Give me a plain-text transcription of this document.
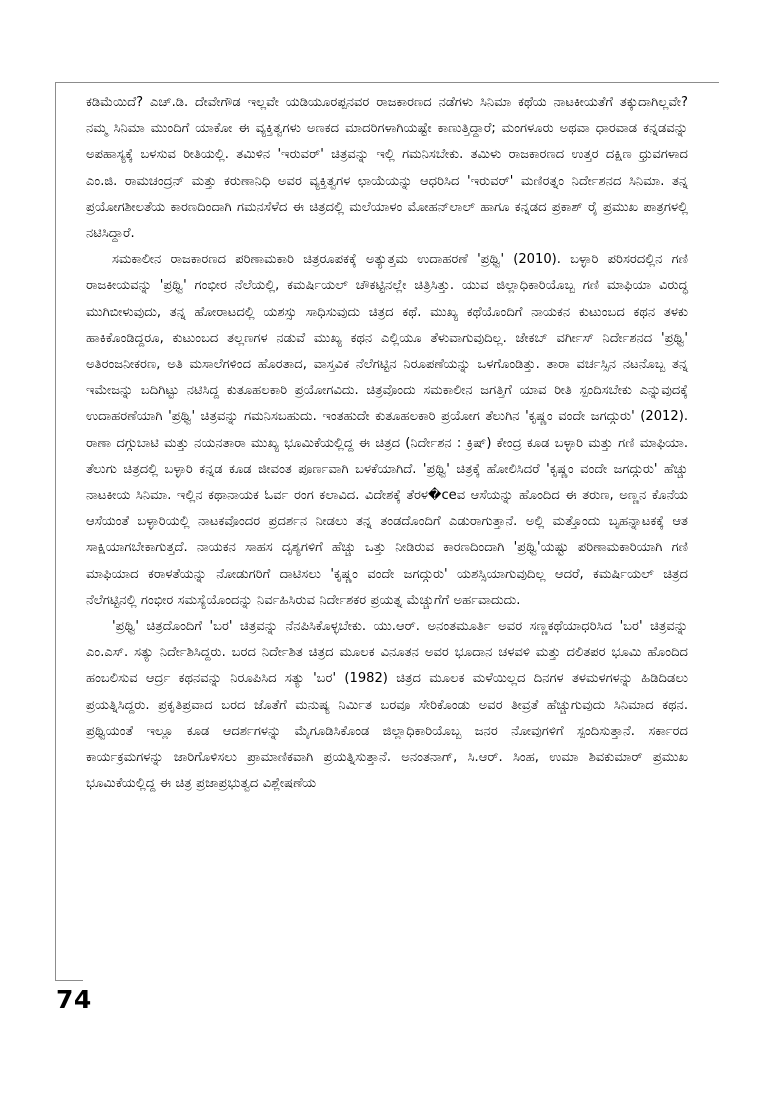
74

ಕಡಿಮೆಯಿದೆ? ಎಚ್.ಡಿ. ದೇವೇಗೌಡ ಇಲ್ಲವೇ ಯಡಿಯೂರಪ್ಪನವರ ರಾಜಕಾರಣದ ನಡೆಗಳು ಸಿನಿಮಾ ಕಥೆಯ ನಾಟಕೀಯತೆಗೆ ತಕ್ಕುದಾಗಿಲ್ಲವೇ? ನಮ್ಮ ಸಿನಿಮಾ ಮುಂದಿಗೆ ಯಾಕೋ ಈ ವ್ಯಕ್ತಿತ್ವಗಳು ಅಣಕದ ಮಾದರಿಗಳಾಗಿಯಷ್ಟೇ ಕಾಣುತ್ತಿದ್ದಾರೆ; ಮಂಗಳೂರು ಅಥವಾ ಧಾರವಾಡ ಕನ್ನಡವನ್ನು ಅಪಹಾಸ್ಯಕ್ಕೆ ಬಳಸುವ ರೀತಿಯಲ್ಲಿ. ತಮಿಳಿನ 'ಇರುವರ್' ಚಿತ್ರವನ್ನು ಇಲ್ಲಿ ಗಮನಿಸಬೇಕು. ತಮಿಳು ರಾಜಕಾರಣದ ಉತ್ತರ ದಕ್ಷಿಣ ಧ್ರುವಗಳಾದ ಎಂ.ಜಿ. ರಾಮಚಂದ್ರನ್ ಮತ್ತು ಕರುಣಾನಿಧಿ ಅವರ ವ್ಯಕ್ತಿತ್ವಗಳ ಛಾಯೆಯನ್ನು ಆಧರಿಸಿದ 'ಇರುವರ್' ಮಣಿರತ್ನಂ ನಿರ್ದೇಶನದ ಸಿನಿಮಾ. ತನ್ನ ಪ್ರಯೋಗಶೀಲತೆಯ ಕಾರಣದಿಂದಾಗಿ ಗಮನಸೆಳೆದ ಈ ಚಿತ್ರದಲ್ಲಿ ಮಲೆಯಾಳಂ ಮೋಹನ್‌ಲಾಲ್ ಹಾಗೂ ಕನ್ನಡದ ಪ್ರಕಾಶ್ ರೈ ಪ್ರಮುಖ ಪಾತ್ರಗಳಲ್ಲಿ ನಟಿಸಿದ್ದಾರೆ.

ಸಮಕಾಲೀನ ರಾಜಕಾರಣದ ಪರಿಣಾಮಕಾರಿ ಚಿತ್ರರೂಪಕಕ್ಕೆ ಅತ್ಯುತ್ತಮ ಉದಾಹರಣೆ 'ಪ್ರಥ್ವಿ' (2010). ಬಳ್ಳಾರಿ ಪರಿಸರದಲ್ಲಿನ ಗಣಿ ರಾಜಕೀಯವನ್ನು 'ಪ್ರಥ್ವಿ' ಗಂಭೀರ ನೆಲೆಯಲ್ಲಿ, ಕಮರ್ಷಿಯಲ್ ಚೌಕಟ್ಟಿನಲ್ಲೇ ಚಿತ್ರಿಸಿತ್ತು. ಯುವ ಜಿಲ್ಲಾಧಿಕಾರಿಯೊಬ್ಬ ಗಣಿ ಮಾಫಿಯಾ ವಿರುದ್ಧ ಮುಗಿಬೀಳುವುದು, ತನ್ನ ಹೋರಾಟದಲ್ಲಿ ಯಶಸ್ಸು ಸಾಧಿಸುವುದು ಚಿತ್ರದ ಕಥೆ. ಮುಖ್ಯ ಕಥೆಯೊಂದಿಗೆ ನಾಯಕನ ಕುಟುಂಬದ ಕಥನ ತಳಕು ಹಾಕಿಕೊಂಡಿದ್ದರೂ, ಕುಟುಂಬದ ತಲ್ಲಣಗಳ ನಡುವೆ ಮುಖ್ಯ ಕಥನ ಎಲ್ಲಿಯೂ ತೆಳುವಾಗುವುದಿಲ್ಲ. ಜೇಕಬ್ ವರ್ಗೀಸ್ ನಿರ್ದೇಶನದ 'ಪ್ರಥ್ವಿ' ಅತಿರಂಜನೀಕರಣ, ಅತಿ ಮಸಾಲೆಗಳಿಂದ ಹೊರತಾದ, ವಾಸ್ತವಿಕ ನೆಲೆಗಟ್ಟಿನ ನಿರೂಪಣೆಯನ್ನು ಒಳಗೊಂಡಿತ್ತು. ತಾರಾ ವರ್ಚಸ್ಸಿನ ನಟನೊಬ್ಬ ತನ್ನ ಇಮೇಜನ್ನು ಬದಿಗಿಟ್ಟು ನಟಿಸಿದ್ದ ಕುತೂಹಲಕಾರಿ ಪ್ರಯೋಗವಿದು. ಚಿತ್ರವೊಂದು ಸಮಕಾಲೀನ ಜಗತ್ತಿಗೆ ಯಾವ ರೀತಿ ಸ್ಪಂದಿಸಬೇಕು ಎನ್ನುವುದಕ್ಕೆ ಉದಾಹರಣೆಯಾಗಿ 'ಪ್ರಥ್ವಿ' ಚಿತ್ರವನ್ನು ಗಮನಿಸಬಹುದು. ಇಂತಹುದೇ ಕುತೂಹಲಕಾರಿ ಪ್ರಯೋಗ ತೆಲುಗಿನ 'ಕೃಷ್ಣಂ ವಂದೇ ಜಗದ್ಗುರು' (2012). ರಾಣಾ ದಗ್ಗುಬಾಟಿ ಮತ್ತು ನಯನತಾರಾ ಮುಖ್ಯ ಭೂಮಿಕೆಯಲ್ಲಿದ್ದ ಈ ಚಿತ್ರದ (ನಿರ್ದೇಶನ : ಕ್ರಿಷ್) ಕೇಂದ್ರ ಕೂಡ ಬಳ್ಳಾರಿ ಮತ್ತು ಗಣಿ ಮಾಫಿಯಾ. ತೆಲುಗು ಚಿತ್ರದಲ್ಲಿ ಬಳ್ಳಾರಿ ಕನ್ನಡ ಕೂಡ ಜೀವಂತ ಪೂರ್ಣವಾಗಿ ಬಳಕೆಯಾಗಿದೆ. 'ಪ್ರಥ್ವಿ' ಚಿತ್ರಕ್ಕೆ ಹೋಲಿಸಿದರೆ 'ಕೃಷ್ಣಂ ವಂದೇ ಜಗದ್ಗುರು' ಹೆಚ್ಚು ನಾಟಕೀಯ ಸಿನಿಮಾ. ಇಲ್ಲಿನ ಕಥಾನಾಯಕ ಓರ್ವ ರಂಗ ಕಲಾವಿದ. ವಿದೇಶಕ್ಕೆ ತೆರಳ�ceವ ಆಸೆಯನ್ನು ಹೊಂದಿದ ಈ ತರುಣ, ಅಣ್ಣನ ಕೊನೆಯ ಆಸೆಯಂತೆ ಬಳ್ಳಾರಿಯಲ್ಲಿ ನಾಟಕವೊಂದರ ಪ್ರದರ್ಶನ ನೀಡಲು ತನ್ನ ತಂಡದೊಂದಿಗೆ ಎಡುರಾಗುತ್ತಾನೆ. ಅಲ್ಲಿ ಮತ್ತೊಂದು ಬೃಹನ್ನಾಟಕಕ್ಕೆ ಆತ ಸಾಕ್ಷಿಯಾಗಬೇಕಾಗುತ್ತದೆ. ನಾಯಕನ ಸಾಹಸ ದೃಶ್ಯಗಳಿಗೆ ಹೆಚ್ಚು ಒತ್ತು ನೀಡಿರುವ ಕಾರಣದಿಂದಾಗಿ 'ಪ್ರಥ್ವಿ'ಯಷ್ಟು ಪರಿಣಾಮಕಾರಿಯಾಗಿ ಗಣಿ ಮಾಫಿಯಾದ ಕರಾಳತೆಯನ್ನು ನೋಡುಗರಿಗೆ ದಾಟಿಸಲು 'ಕೃಷ್ಣಂ ವಂದೇ ಜಗದ್ಗುರು' ಯಶಸ್ಸಿಯಾಗುವುದಿಲ್ಲ ಆದರೆ, ಕಮರ್ಷಿಯಲ್ ಚಿತ್ರದ ನೆಲೆಗಟ್ಟಿನಲ್ಲಿ ಗಂಭೀರ ಸಮಸ್ಯೆಯೊಂದನ್ನು ನಿರ್ವಹಿಸಿರುವ ನಿರ್ದೇಶಕರ ಪ್ರಯತ್ನ ಮೆಚ್ಚುಗೆಗೆ ಅರ್ಹವಾದುದು.

'ಪ್ರಥ್ವಿ' ಚಿತ್ರದೊಂದಿಗೆ 'ಬರ' ಚಿತ್ರವನ್ನು ನೆನಪಿಸಿಕೊಳ್ಳಬೇಕು. ಯು.ಆರ್. ಅನಂತಮೂರ್ತಿ ಅವರ ಸಣ್ಣಕಥೆಯಾಧರಿಸಿದ 'ಬರ' ಚಿತ್ರವನ್ನು ಎಂ.ಎಸ್. ಸತ್ಯು ನಿರ್ದೇಶಿಸಿದ್ದರು. ಬರದ ನಿರ್ದೇಶಿತ ಚಿತ್ರದ ಮೂಲಕ ವಿನೂತನ ಅವರ ಭೂದಾನ ಚಳವಳಿ ಮತ್ತು ದಲಿತಪರ ಭೂಮಿ ಹೊಂದಿದ ಹಂಬಲಿಸುವ ಆರ್ದ್ರ ಕಥನವನ್ನು ನಿರೂಪಿಸಿದ ಸತ್ಯು 'ಬರ' (1982) ಚಿತ್ರದ ಮೂಲಕ ಮಳೆಯಿಲ್ಲದ ದಿನಗಳ ತಳಮಳಗಳನ್ನು ಹಿಡಿದಿಡಲು ಪ್ರಯತ್ನಿಸಿದ್ದರು. ಪ್ರಕೃತಿಪ್ರವಾದ ಬರದ ಜೊತೆಗೆ ಮನುಷ್ಯ ನಿರ್ಮಿತ ಬರವೂ ಸೇರಿಕೊಂಡು ಅವರ ತೀವ್ರತೆ ಹೆಚ್ಚುಗುವುದು ಸಿನಿಮಾದ ಕಥನ. ಪ್ರಥ್ವಿಯಂತೆ ಇಲ್ಲೂ ಕೂಡ ಆದರ್ಶಗಳನ್ನು ಮೈಗೂಡಿಸಿಕೊಂಡ ಜಿಲ್ಲಾಧಿಕಾರಿಯೊಬ್ಬ ಜನರ ನೋವುಗಳಿಗೆ ಸ್ಪಂದಿಸುತ್ತಾನೆ. ಸರ್ಕಾರದ ಕಾರ್ಯಕ್ರಮಗಳನ್ನು ಜಾರಿಗೊಳಿಸಲು ಪ್ರಾಮಾಣಿಕವಾಗಿ ಪ್ರಯತ್ನಿಸುತ್ತಾನೆ. ಅನಂತನಾಗ್, ಸಿ.ಆರ್. ಸಿಂಹ, ಉಮಾ ಶಿವಕುಮಾರ್ ಪ್ರಮುಖ ಭೂಮಿಕೆಯಲ್ಲಿದ್ದ ಈ ಚಿತ್ರ ಪ್ರಜಾಪ್ರಭುತ್ವದ ವಿಶ್ಲೇಷಣೆಯ
